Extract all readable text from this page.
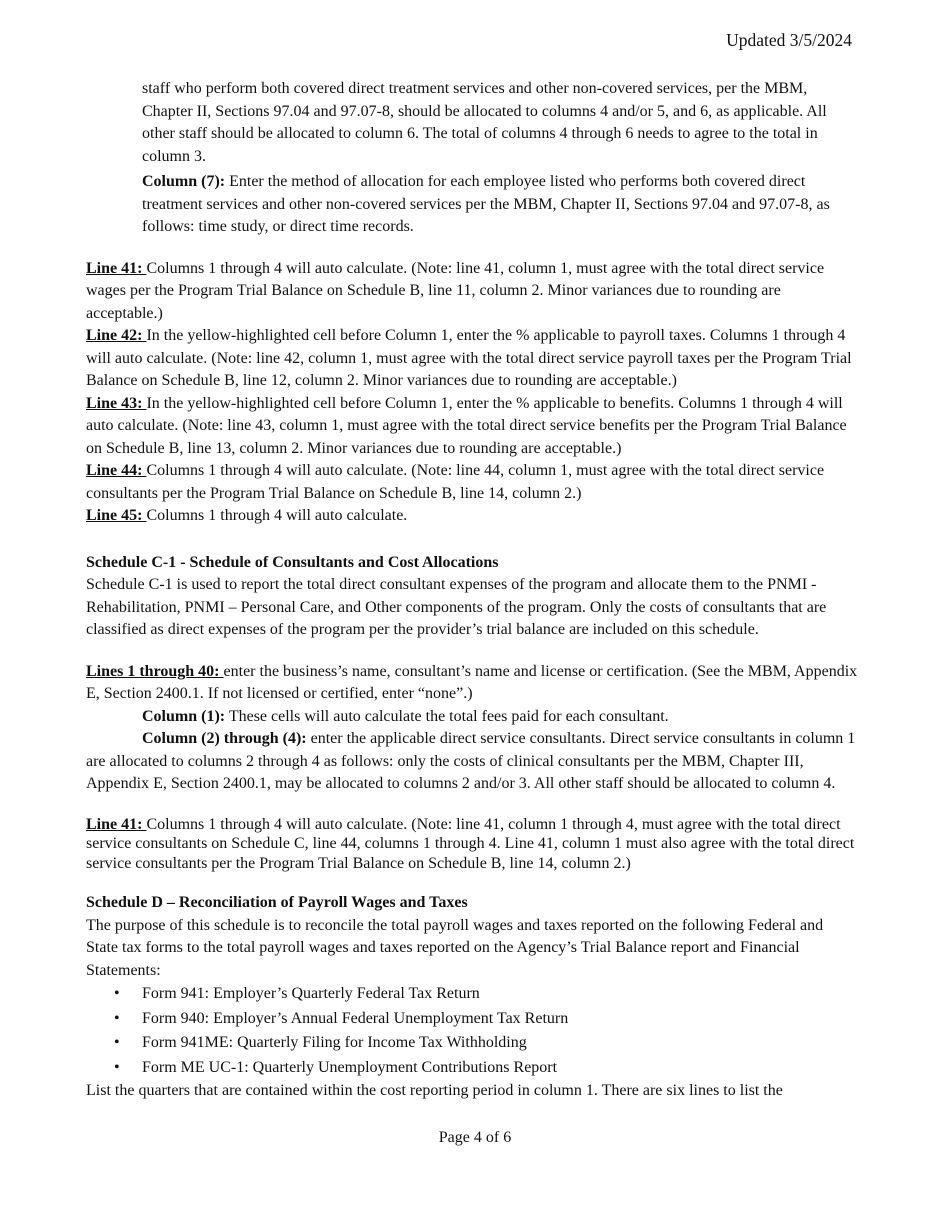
Updated 3/5/2024

staff who perform both covered direct treatment services and other non-covered services, per the MBM, Chapter II, Sections 97.04 and 97.07-8, should be allocated to columns 4 and/or 5, and 6, as applicable. All other staff should be allocated to column 6. The total of columns 4 through 6 needs to agree to the total in column 3.

Column (7): Enter the method of allocation for each employee listed who performs both covered direct treatment services and other non-covered services per the MBM, Chapter II, Sections 97.04 and 97.07-8, as follows: time study, or direct time records.

Line 41: Columns 1 through 4 will auto calculate. (Note: line 41, column 1, must agree with the total direct service wages per the Program Trial Balance on Schedule B, line 11, column 2. Minor variances due to rounding are acceptable.)

Line 42: In the yellow-highlighted cell before Column 1, enter the % applicable to payroll taxes. Columns 1 through 4 will auto calculate. (Note: line 42, column 1, must agree with the total direct service payroll taxes per the Program Trial Balance on Schedule B, line 12, column 2. Minor variances due to rounding are acceptable.)

Line 43: In the yellow-highlighted cell before Column 1, enter the % applicable to benefits. Columns 1 through 4 will auto calculate. (Note: line 43, column 1, must agree with the total direct service benefits per the Program Trial Balance on Schedule B, line 13, column 2. Minor variances due to rounding are acceptable.)

Line 44: Columns 1 through 4 will auto calculate. (Note: line 44, column 1, must agree with the total direct service consultants per the Program Trial Balance on Schedule B, line 14, column 2.)

Line 45: Columns 1 through 4 will auto calculate.

Schedule C-1 - Schedule of Consultants and Cost Allocations

Schedule C-1 is used to report the total direct consultant expenses of the program and allocate them to the PNMI -Rehabilitation, PNMI – Personal Care, and Other components of the program. Only the costs of consultants that are classified as direct expenses of the program per the provider’s trial balance are included on this schedule.

Lines 1 through 40: enter the business’s name, consultant’s name and license or certification. (See the MBM, Appendix E, Section 2400.1. If not licensed or certified, enter “none”.)

Column (1): These cells will auto calculate the total fees paid for each consultant.

Column (2) through (4): enter the applicable direct service consultants. Direct service consultants in column 1 are allocated to columns 2 through 4 as follows: only the costs of clinical consultants per the MBM, Chapter III, Appendix E, Section 2400.1, may be allocated to columns 2 and/or 3. All other staff should be allocated to column 4.

Line 41: Columns 1 through 4 will auto calculate. (Note: line 41, column 1 through 4, must agree with the total direct service consultants on Schedule C, line 44, columns 1 through 4. Line 41, column 1 must also agree with the total direct service consultants per the Program Trial Balance on Schedule B, line 14, column 2.)

Schedule D – Reconciliation of Payroll Wages and Taxes

The purpose of this schedule is to reconcile the total payroll wages and taxes reported on the following Federal and State tax forms to the total payroll wages and taxes reported on the Agency’s Trial Balance report and Financial Statements:

• Form 941: Employer’s Quarterly Federal Tax Return
• Form 940: Employer’s Annual Federal Unemployment Tax Return
• Form 941ME: Quarterly Filing for Income Tax Withholding
• Form ME UC-1: Quarterly Unemployment Contributions Report

List the quarters that are contained within the cost reporting period in column 1. There are six lines to list the

Page 4 of 6
